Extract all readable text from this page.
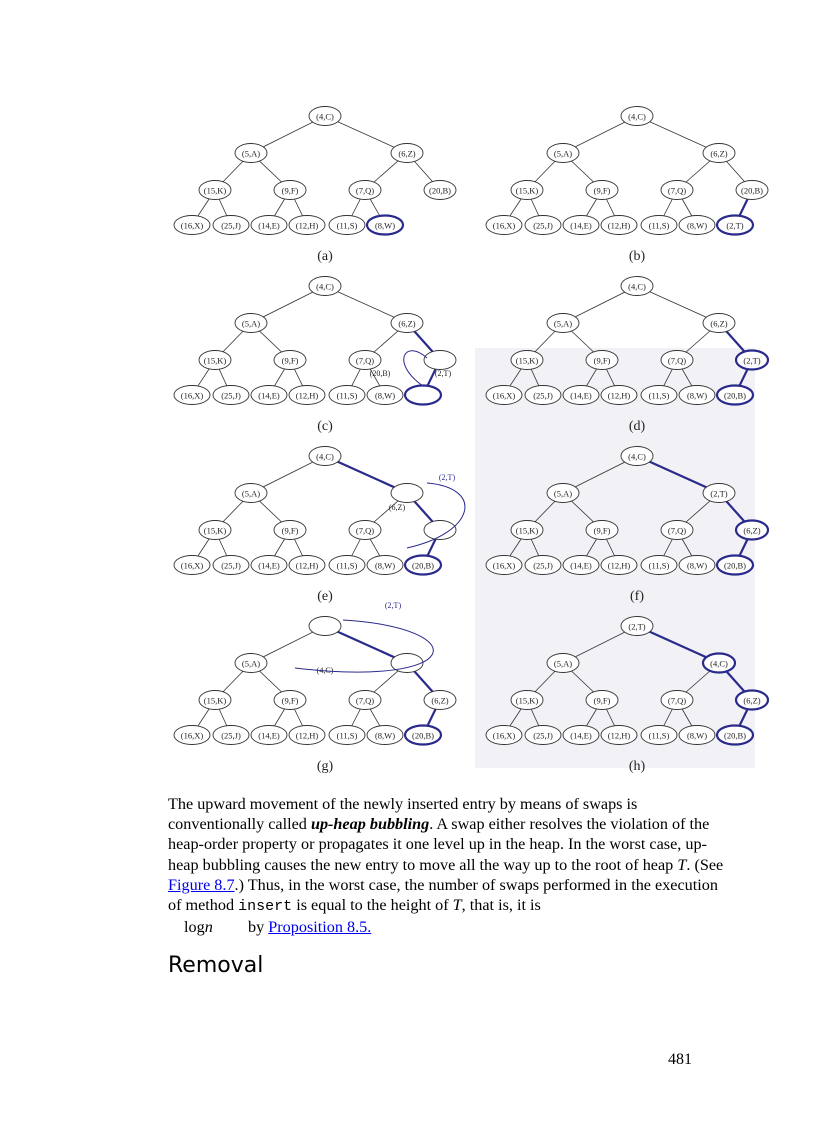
(4,C)
(5,A)	(6,Z)
(15,K)	(9,F)	(7,Q)	(20,B)
(16,X) (25,J) (14,E) (12,H) (11,S) (8,W)
(a)
(4,C)
(5,A)	(6,Z)
(15,K)	(9,F)	(7,Q)	(20,B)
(16,X) (25,J) (14,E) (12,H) (11,S) (8,W) (2,T)
(b)
(4,C)
(5,A)	(6,Z)
(15,K)	(9,F)	(7,Q)
(16,X) (25,J) (14,E) (12,H) (11,S) (8,W)
(20,B)	(2,T)
(c)
(4,C)
(5,A)	(6,Z)
(15,K)	(9,F)	(7,Q)	(2,T)
(16,X) (25,J) (14,E) (12,H) (11,S) (8,W) (20,B)
(d)
(4,C)
(5,A)
(15,K)	(9,F)	(7,Q)
(16,X) (25,J) (14,E) (12,H) (11,S) (8,W) (20,B)
(2,T)
(6,Z)
(e)
(4,C)
(5,A)	(2,T)
(15,K)	(9,F)	(7,Q)	(6,Z)
(16,X) (25,J) (14,E) (12,H) (11,S) (8,W) (20,B)
(f)
(5,A)
(15,K)	(9,F)	(7,Q)	(6,Z)
(16,X) (25,J) (14,E) (12,H) (11,S) (8,W) (20,B)
(2,T)
(4,C)
(g)
(2,T)
(5,A)	(4,C)
(15,K)	(9,F)	(7,Q)	(6,Z)
(16,X) (25,J) (14,E) (12,H) (11,S) (8,W) (20,B)
(h)

The upward movement of the newly inserted entry by means of swaps is conventionally called up-heap bubbling. A swap either resolves the violation of the heap-order property or propagates it one level up in the heap. In the worst case, up-heap bubbling causes the new entry to move all the way up to the root of heap T. (See Figure 8.7.) Thus, in the worst case, the number of swaps performed in the execution of method insert is equal to the height of T, that is, it is
logn by Proposition 8.5.

Removal
481
